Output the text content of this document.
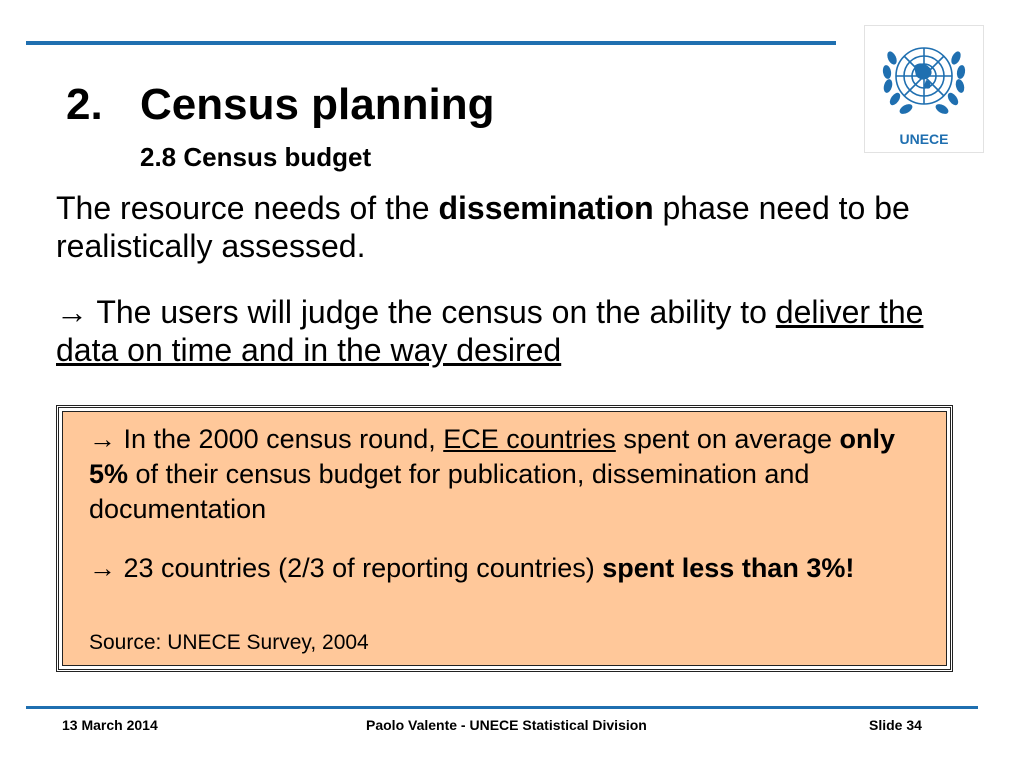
UNECE
2. Census planning
2.8 Census budget

The resource needs of the dissemination phase need to be realistically assessed.

→ The users will judge the census on the ability to deliver the data on time and in the way desired

→ In the 2000 census round, ECE countries spent on average only 5% of their census budget for publication, dissemination and documentation

→ 23 countries (2/3 of reporting countries) spent less than 3%!

Source: UNECE Survey, 2004

13 March 2014	Paolo Valente - UNECE Statistical Division	Slide 34
